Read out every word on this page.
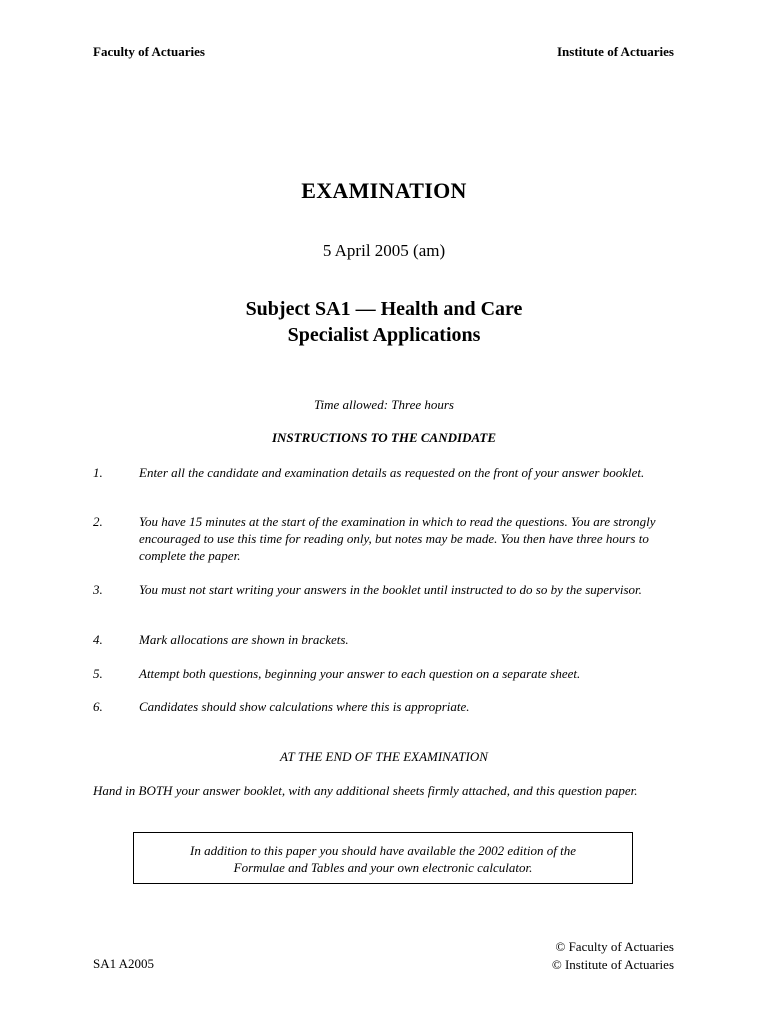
Faculty of Actuaries	Institute of Actuaries
EXAMINATION
5 April 2005 (am)
Subject SA1 — Health and Care
Specialist Applications
Time allowed: Three hours
INSTRUCTIONS TO THE CANDIDATE
1.	Enter all the candidate and examination details as requested on the front of your answer booklet.
2.	You have 15 minutes at the start of the examination in which to read the questions. You are strongly encouraged to use this time for reading only, but notes may be made. You then have three hours to complete the paper.
3.	You must not start writing your answers in the booklet until instructed to do so by the supervisor.
4.	Mark allocations are shown in brackets.
5.	Attempt both questions, beginning your answer to each question on a separate sheet.
6.	Candidates should show calculations where this is appropriate.
AT THE END OF THE EXAMINATION
Hand in BOTH your answer booklet, with any additional sheets firmly attached, and this question paper.
In addition to this paper you should have available the 2002 edition of the
Formulae and Tables and your own electronic calculator.
SA1 A2005
© Faculty of Actuaries
© Institute of Actuaries
